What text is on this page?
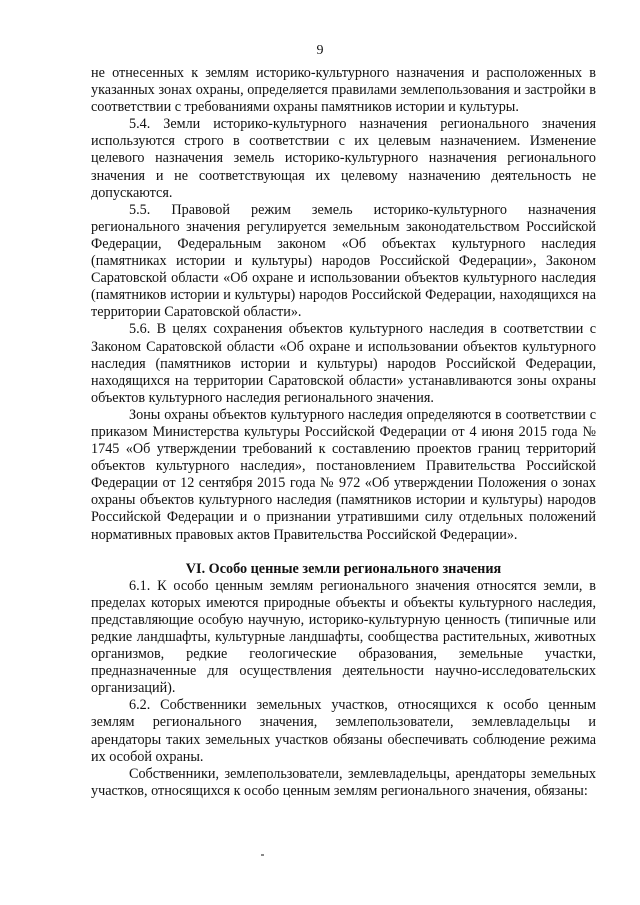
9

не отнесенных к землям историко-культурного назначения и расположенных в указанных зонах охраны, определяется правилами землепользования и застройки в соответствии с требованиями охраны памятников истории и культуры.

5.4. Земли историко-культурного назначения регионального значения используются строго в соответствии с их целевым назначением. Изменение целевого назначения земель историко-культурного назначения регионального значения и не соответствующая их целевому назначению деятельность не допускаются.

5.5. Правовой режим земель историко-культурного назначения регионального значения регулируется земельным законодательством Российской Федерации, Федеральным законом «Об объектах культурного наследия (памятниках истории и культуры) народов Российской Федерации», Законом Саратовской области «Об охране и использовании объектов культурного наследия (памятников истории и культуры) народов Российской Федерации, находящихся на территории Саратовской области».

5.6. В целях сохранения объектов культурного наследия в соответствии с Законом Саратовской области «Об охране и использовании объектов культурного наследия (памятников истории и культуры) народов Российской Федерации, находящихся на территории Саратовской области» устанавливаются зоны охраны объектов культурного наследия регионального значения.

Зоны охраны объектов культурного наследия определяются в соответствии с приказом Министерства культуры Российской Федерации от 4 июня 2015 года № 1745 «Об утверждении требований к составлению проектов границ территорий объектов культурного наследия», постановлением Правительства Российской Федерации от 12 сентября 2015 года № 972 «Об утверждении Положения о зонах охраны объектов культурного наследия (памятников истории и культуры) народов Российской Федерации и о признании утратившими силу отдельных положений нормативных правовых актов Правительства Российской Федерации».

VI. Особо ценные земли регионального значения

6.1. К особо ценным землям регионального значения относятся земли, в пределах которых имеются природные объекты и объекты культурного наследия, представляющие особую научную, историко-культурную ценность (типичные или редкие ландшафты, культурные ландшафты, сообщества растительных, животных организмов, редкие геологические образования, земельные участки, предназначенные для осуществления деятельности научно-исследовательских организаций).

6.2. Собственники земельных участков, относящихся к особо ценным землям регионального значения, землепользователи, землевладельцы и арендаторы таких земельных участков обязаны обеспечивать соблюдение режима их особой охраны.

Собственники, землепользователи, землевладельцы, арендаторы земельных участков, относящихся к особо ценным землям регионального значения, обязаны:
